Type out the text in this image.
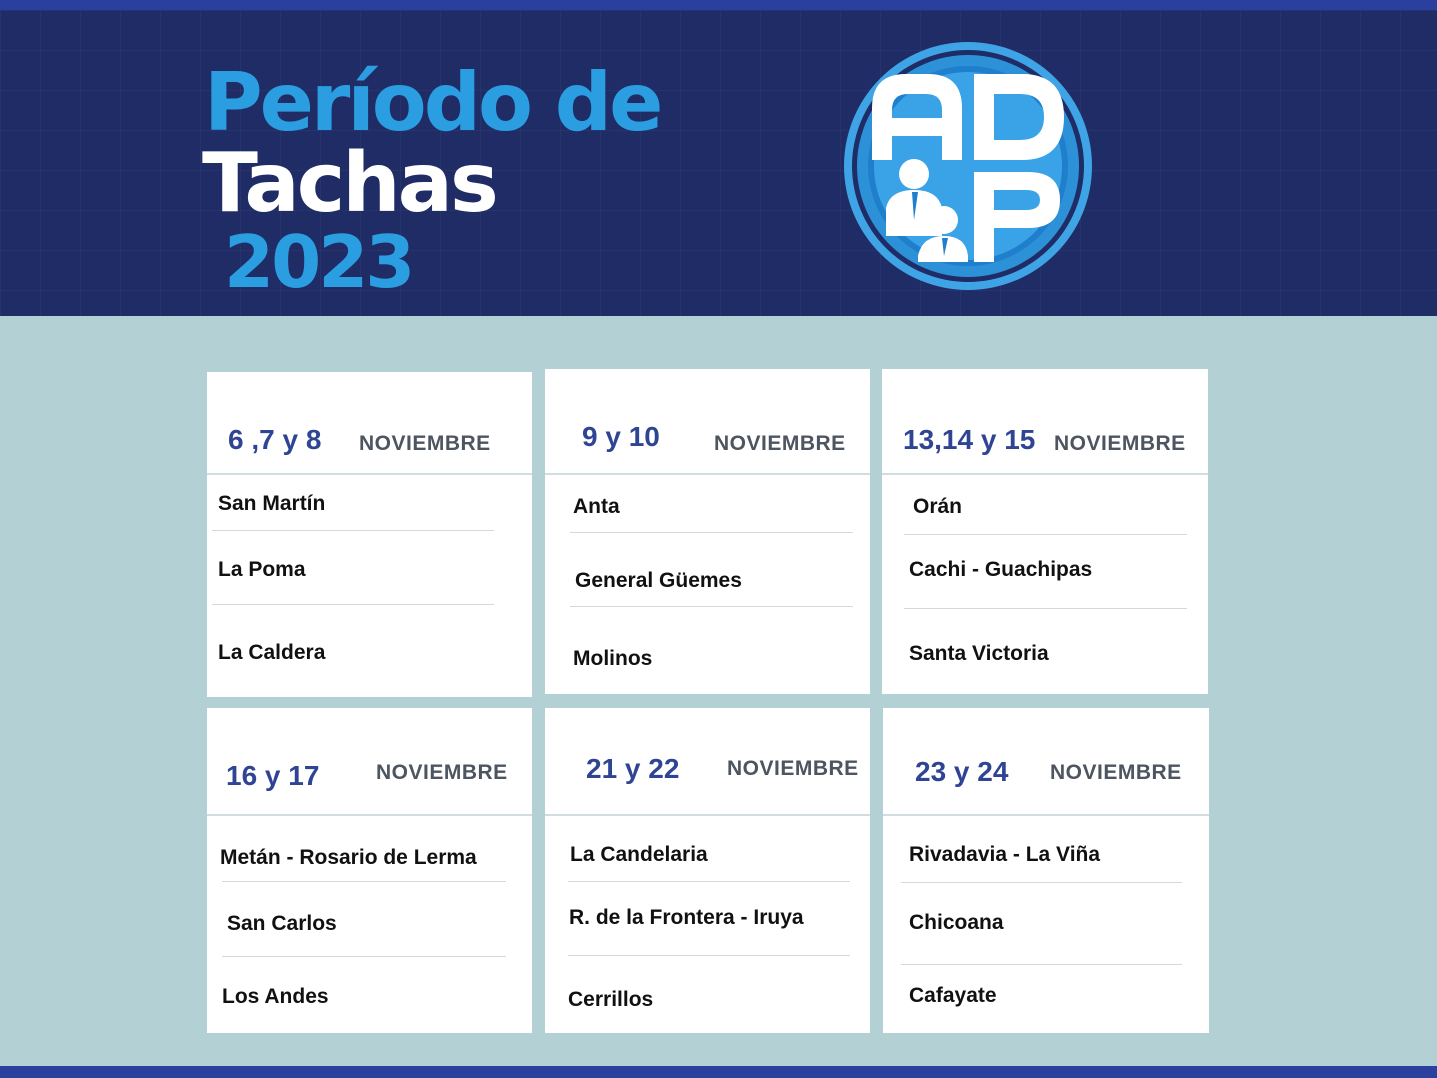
Período de
Tachas
2023
6 ,7 y 8 NOVIEMBRE
San Martín
La Poma
La Caldera
9 y 10	NOVIEMBRE
Anta
General Güemes
Molinos
13,14 y 15 NOVIEMBRE
Orán
Cachi - Guachipas
Santa Victoria
16 y 17	NOVIEMBRE
Metán - Rosario de Lerma
San Carlos
Los Andes
21 y 22 NOVIEMBRE
La Candelaria
R. de la Frontera - Iruya
Cerrillos
23 y 24 NOVIEMBRE
Rivadavia - La Viña
Chicoana
Cafayate
